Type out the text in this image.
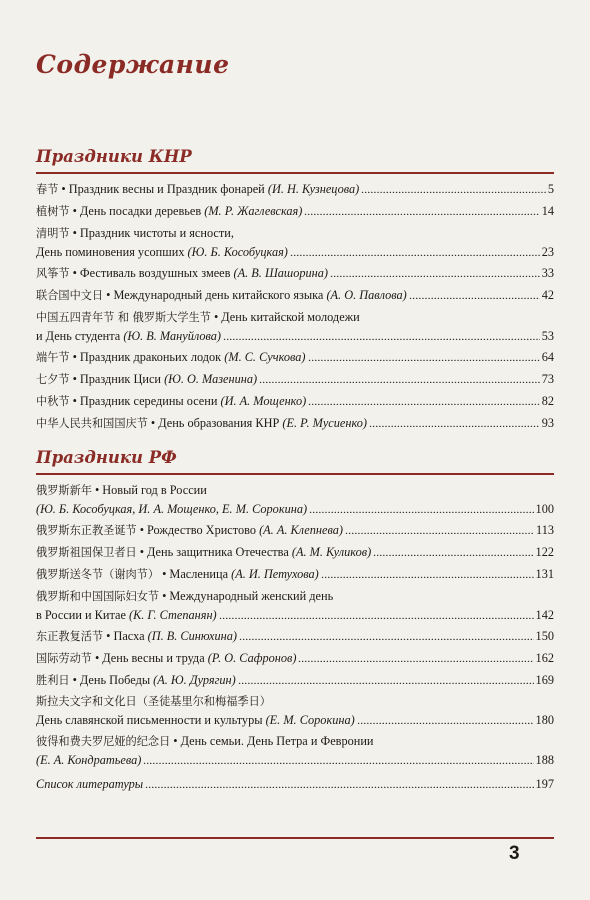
Содержание
Праздники КНР
春节 • Праздник весны и Праздник фонарей
(И. Н. Кузнецова)	5
植树节 • День посадки деревьев
(М. Р. Жаглевская)	14
清明节 • Праздник чистоты и ясности,
День поминовения усопших
(Ю. Б. Кособуцкая)	23
风筝节 • Фестиваль воздушных змеев
(А. В. Шашорина)	33
联合国中文日 • Международный день китайского языка
(А. О. Павлова)	42
中国五四青年节 和 俄罗斯大学生节 • День китайской молодежи
и День студента
(Ю. В. Мануйлова)	53
端午节 • Праздник драконьих лодок
(М. С. Сучкова)	64
七夕节 • Праздник Циси
(Ю. О. Мазенина)	73
中秋节 • Праздник середины осени
(И. А. Мощенко)	82
中华人民共和国国庆节 • День образования КНР
(Е. Р. Мусиенко)	93
Праздники РФ
俄罗斯新年 • Новый год в России
(Ю. Б. Кособуцкая, И. А. Мощенко, Е. М. Сорокина)	100
俄罗斯东正教圣诞节 • Рождество Христово
(А. А. Клепнева)	113
俄罗斯祖国保卫者日 • День защитника Отечества
(А. М. Куликов)	122
俄罗斯送冬节（谢肉节） • Масленица
(А. И. Петухова)	131
俄罗斯和中国国际妇女节 • Международный женский день
в России и Китае
(К. Г. Степанян)	142
东正教复活节 • Пасха
(П. В. Синюхина)	150
国际劳动节 • День весны и труда
(Р. О. Сафронов)	162
胜利日 • День Победы
(А. Ю. Дурягин)	169
斯拉夫文字和文化日（圣徒基里尔和梅福季日）
День славянской письменности и культуры
(Е. М. Сорокина)	180
彼得和费夫罗尼娅的纪念日 • День семьи. День Петра и Февронии
(Е. А. Кондратьева)	188
Список литературы	197
3
